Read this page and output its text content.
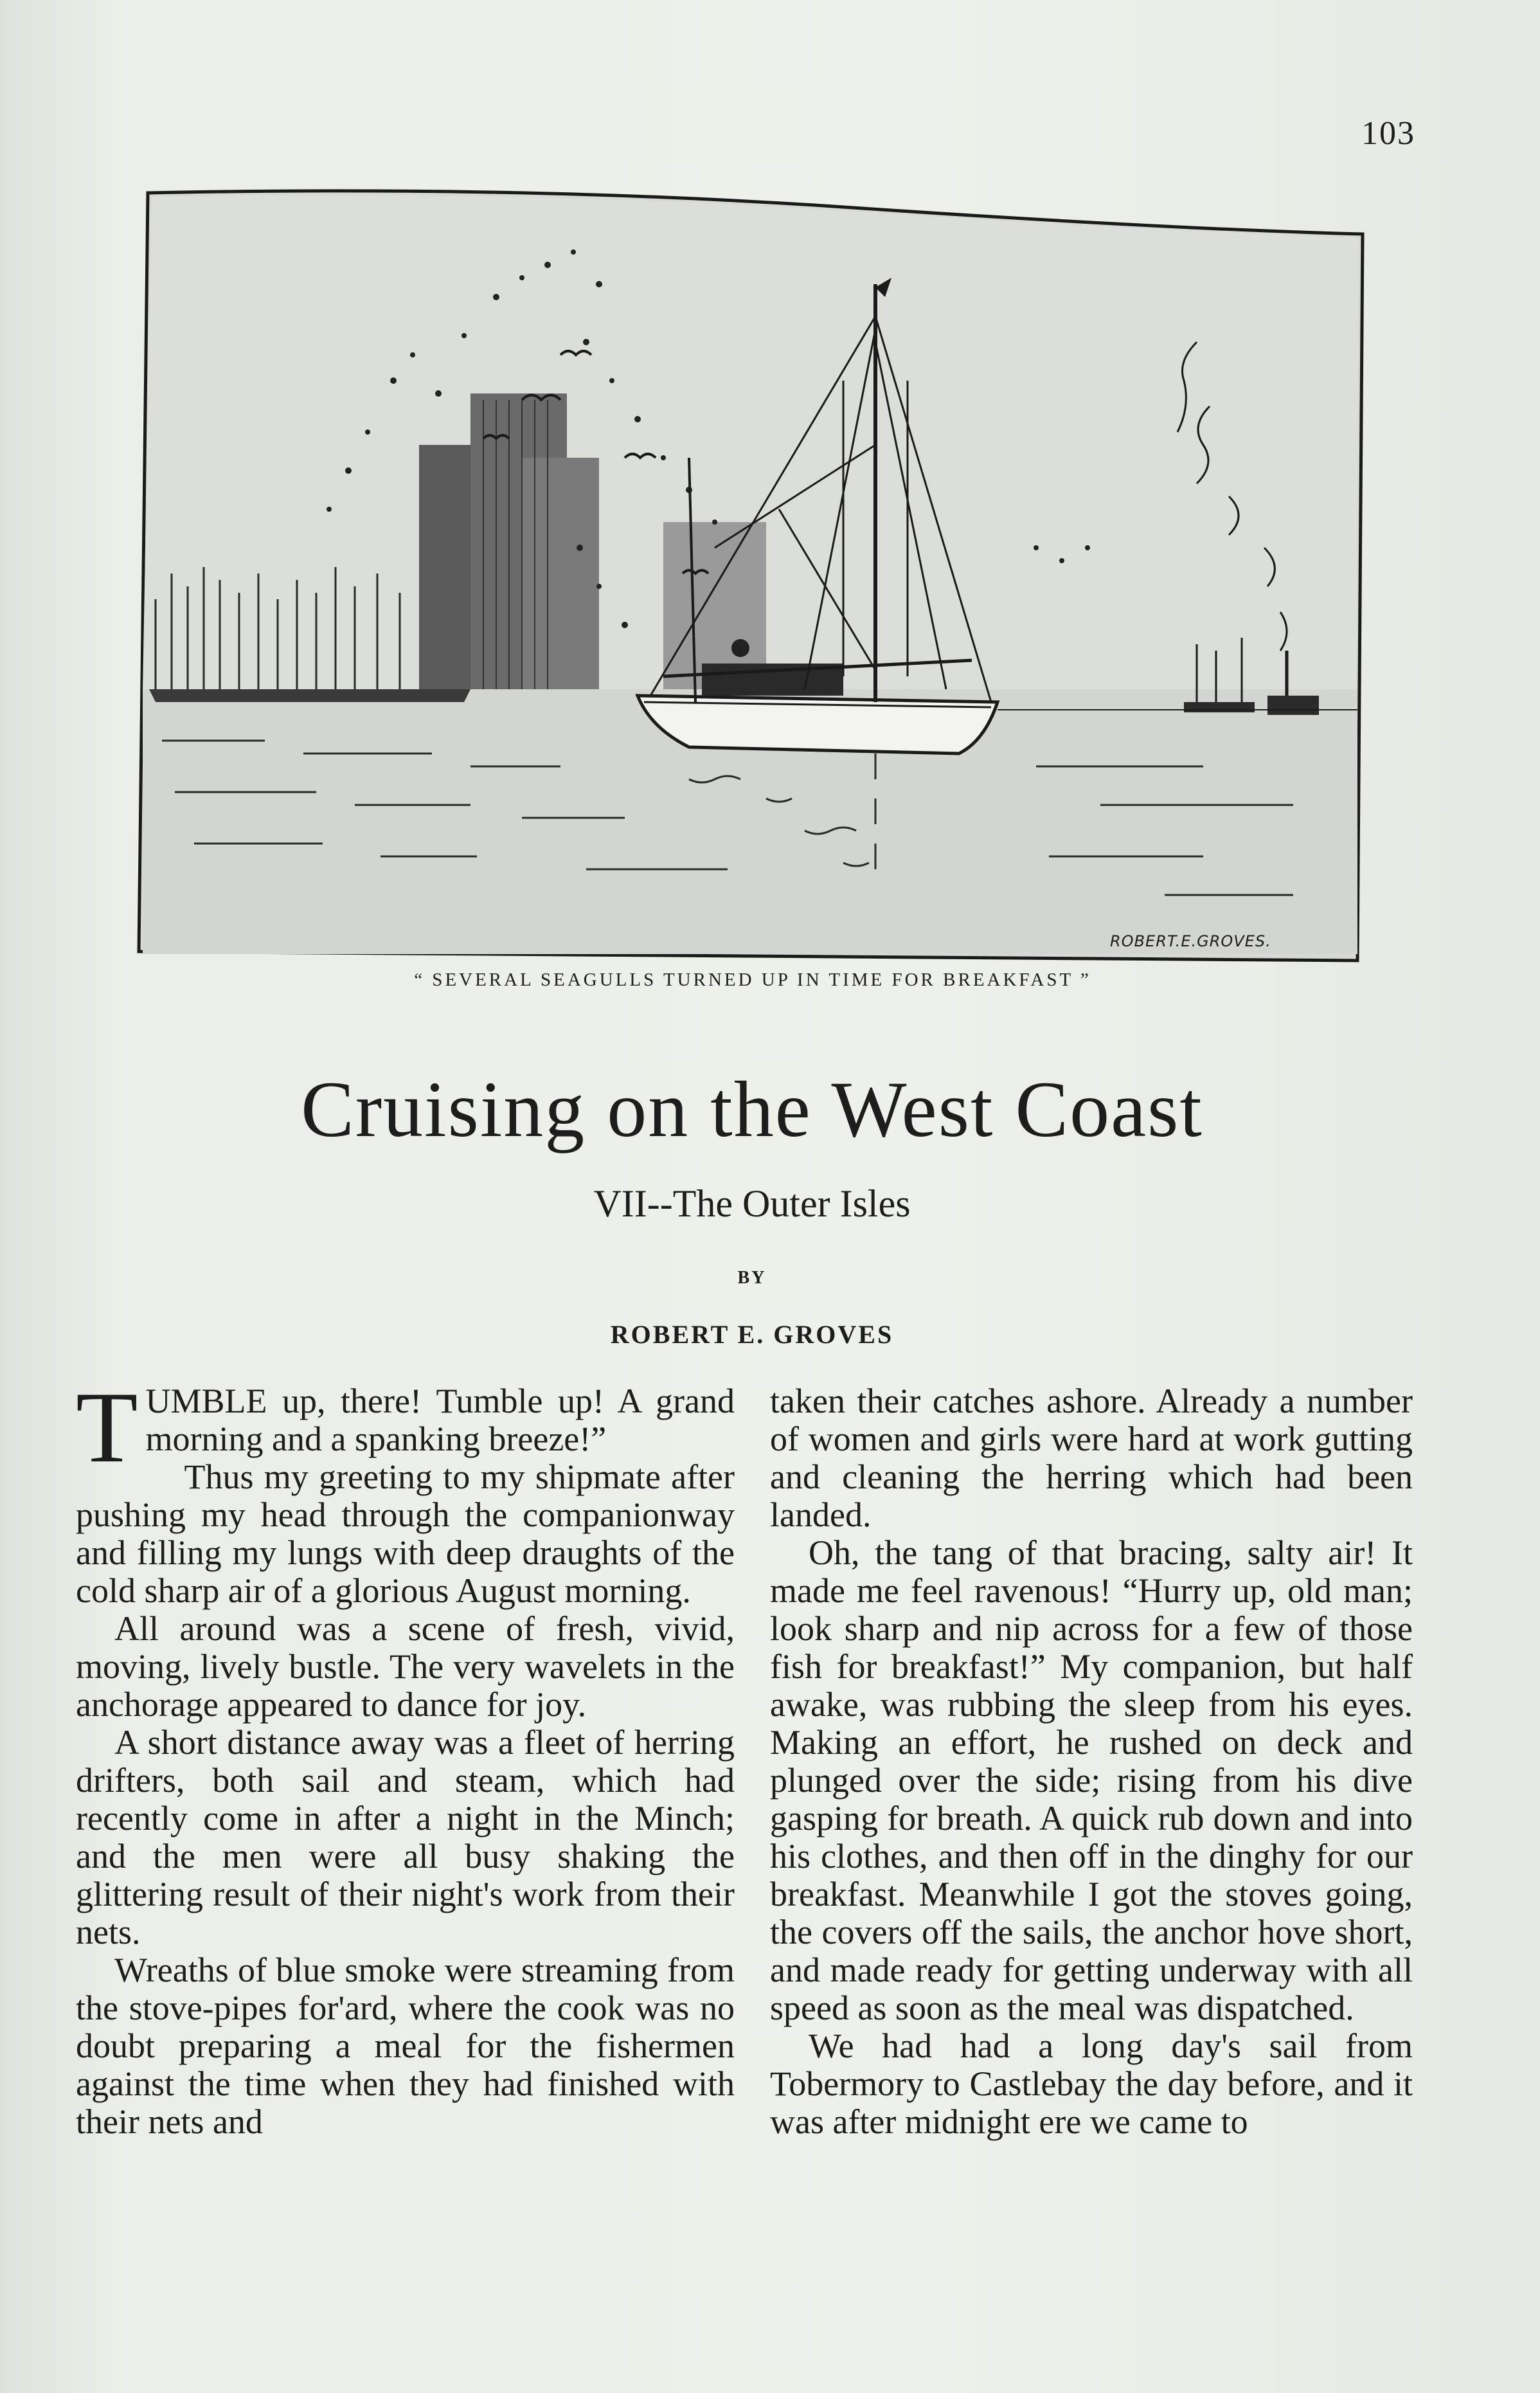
103
ROBERT.E.GROVES.
“ SEVERAL SEAGULLS TURNED UP IN TIME FOR BREAKFAST ”
Cruising on the West Coast
VII--The Outer Isles
BY
ROBERT E. GROVES

TUMBLE up, there! Tumble up! A grand morning and a spanking breeze!”

Thus my greeting to my shipmate after pushing my head through the companionway and filling my lungs with deep draughts of the cold sharp air of a glorious August morning.

All around was a scene of fresh, vivid, moving, lively bustle. The very wavelets in the anchorage appeared to dance for joy.

A short distance away was a fleet of herring drifters, both sail and steam, which had recently come in after a night in the Minch; and the men were all busy shaking the glittering result of their night's work from their nets.

Wreaths of blue smoke were streaming from the stove-pipes for'ard, where the cook was no doubt preparing a meal for the fishermen against the time when they had finished with their nets and

taken their catches ashore. Already a number of women and girls were hard at work gutting and cleaning the herring which had been landed.

Oh, the tang of that bracing, salty air! It made me feel ravenous! “Hurry up, old man; look sharp and nip across for a few of those fish for breakfast!” My companion, but half awake, was rubbing the sleep from his eyes. Making an effort, he rushed on deck and plunged over the side; rising from his dive gasping for breath. A quick rub down and into his clothes, and then off in the dinghy for our breakfast. Meanwhile I got the stoves going, the covers off the sails, the anchor hove short, and made ready for getting underway with all speed as soon as the meal was dispatched.

We had had a long day's sail from Tobermory to Castlebay the day before, and it was after midnight ere we came to
